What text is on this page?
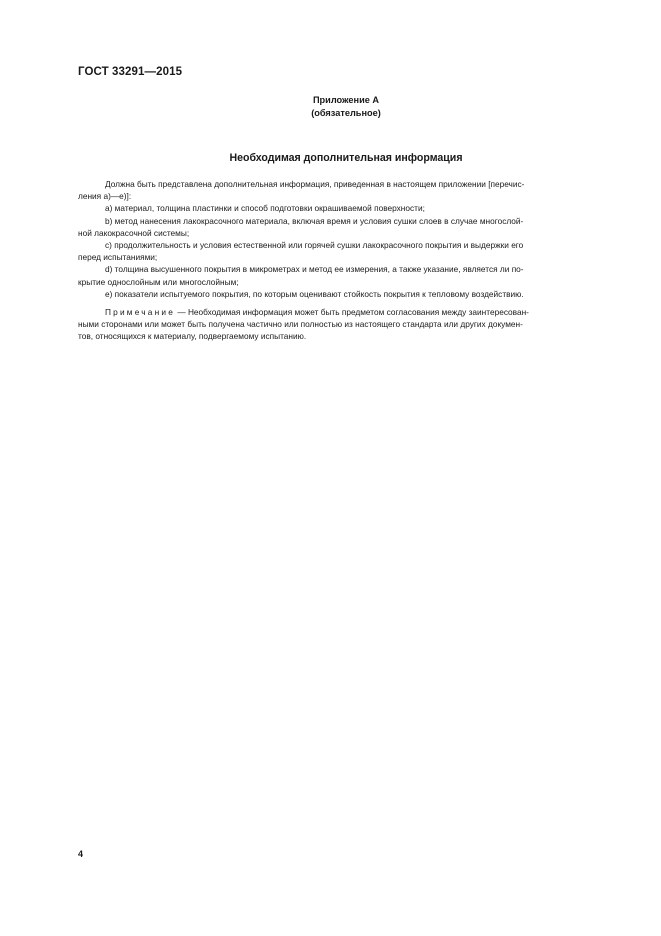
ГОСТ 33291—2015
Приложение А
(обязательное)
Необходимая дополнительная информация

Должна быть представлена дополнительная информация, приведенная в настоящем приложении [перечис-
ления а)—е)]:

a) материал, толщина пластинки и способ подготовки окрашиваемой поверхности;

b) метод нанесения лакокрасочного материала, включая время и условия сушки слоев в случае многослой-
ной лакокрасочной системы;

c) продолжительность и условия естественной или горячей сушки лакокрасочного покрытия и выдержки его
перед испытаниями;

d) толщина высушенного покрытия в микрометрах и метод ее измерения, а также указание, является ли по-
крытие однослойным или многослойным;

e) показатели испытуемого покрытия, по которым оценивают стойкость покрытия к тепловому воздействию.

Примечание — Необходимая информация может быть предметом согласования между заинтересован-
ными сторонами или может быть получена частично или полностью из настоящего стандарта или других докумен-
тов, относящихся к материалу, подвергаемому испытанию.

4
